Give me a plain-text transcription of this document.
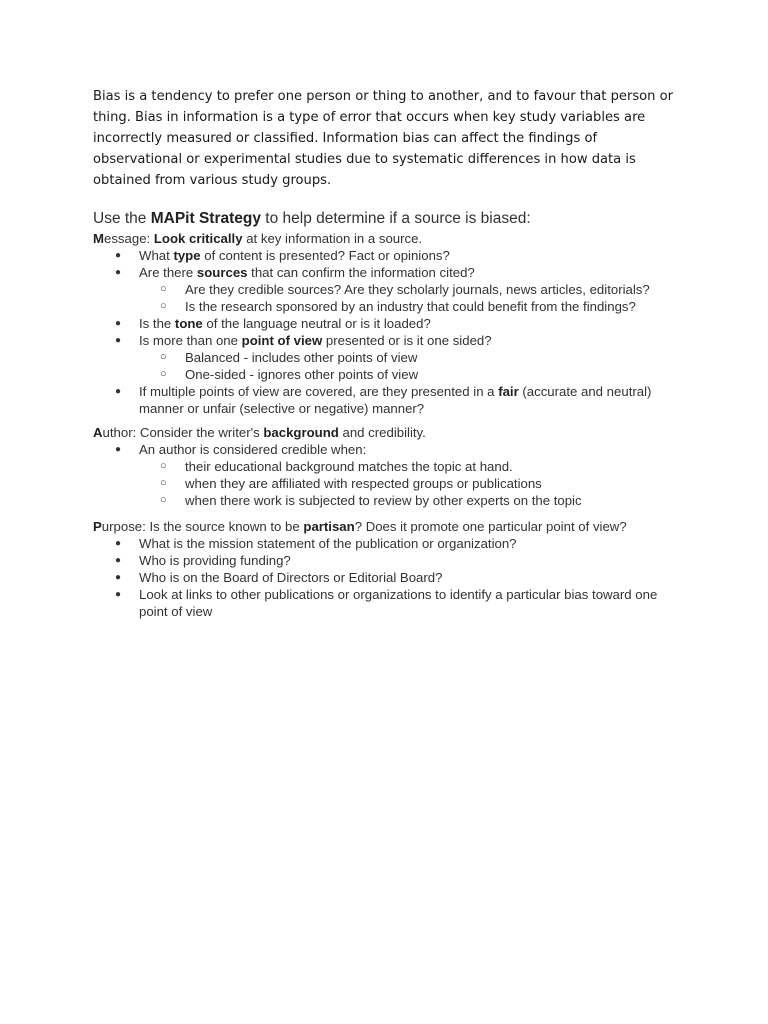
Bias is a tendency to prefer one person or thing to another, and to favour that person or thing. Bias in information is a type of error that occurs when key study variables are incorrectly measured or classified. Information bias can affect the findings of observational or experimental studies due to systematic differences in how data is obtained from various study groups.

Use the MAPit Strategy to help determine if a source is biased:
Message: Look critically at key information in a source.
● What type of content is presented? Fact or opinions?
● Are there sources that can confirm the information cited?
○ Are they credible sources? Are they scholarly journals, news articles, editorials?
○ Is the research sponsored by an industry that could benefit from the findings?
● Is the tone of the language neutral or is it loaded?
● Is more than one point of view presented or is it one sided?
○ Balanced - includes other points of view
○ One-sided - ignores other points of view
● If multiple points of view are covered, are they presented in a fair (accurate and neutral) manner or unfair (selective or negative) manner?
Author: Consider the writer's background and credibility.
● An author is considered credible when:
○ their educational background matches the topic at hand.
○ when they are affiliated with respected groups or publications
○ when there work is subjected to review by other experts on the topic
Purpose: Is the source known to be partisan? Does it promote one particular point of view?
● What is the mission statement of the publication or organization?
● Who is providing funding?
● Who is on the Board of Directors or Editorial Board?
● Look at links to other publications or organizations to identify a particular bias toward one point of view
